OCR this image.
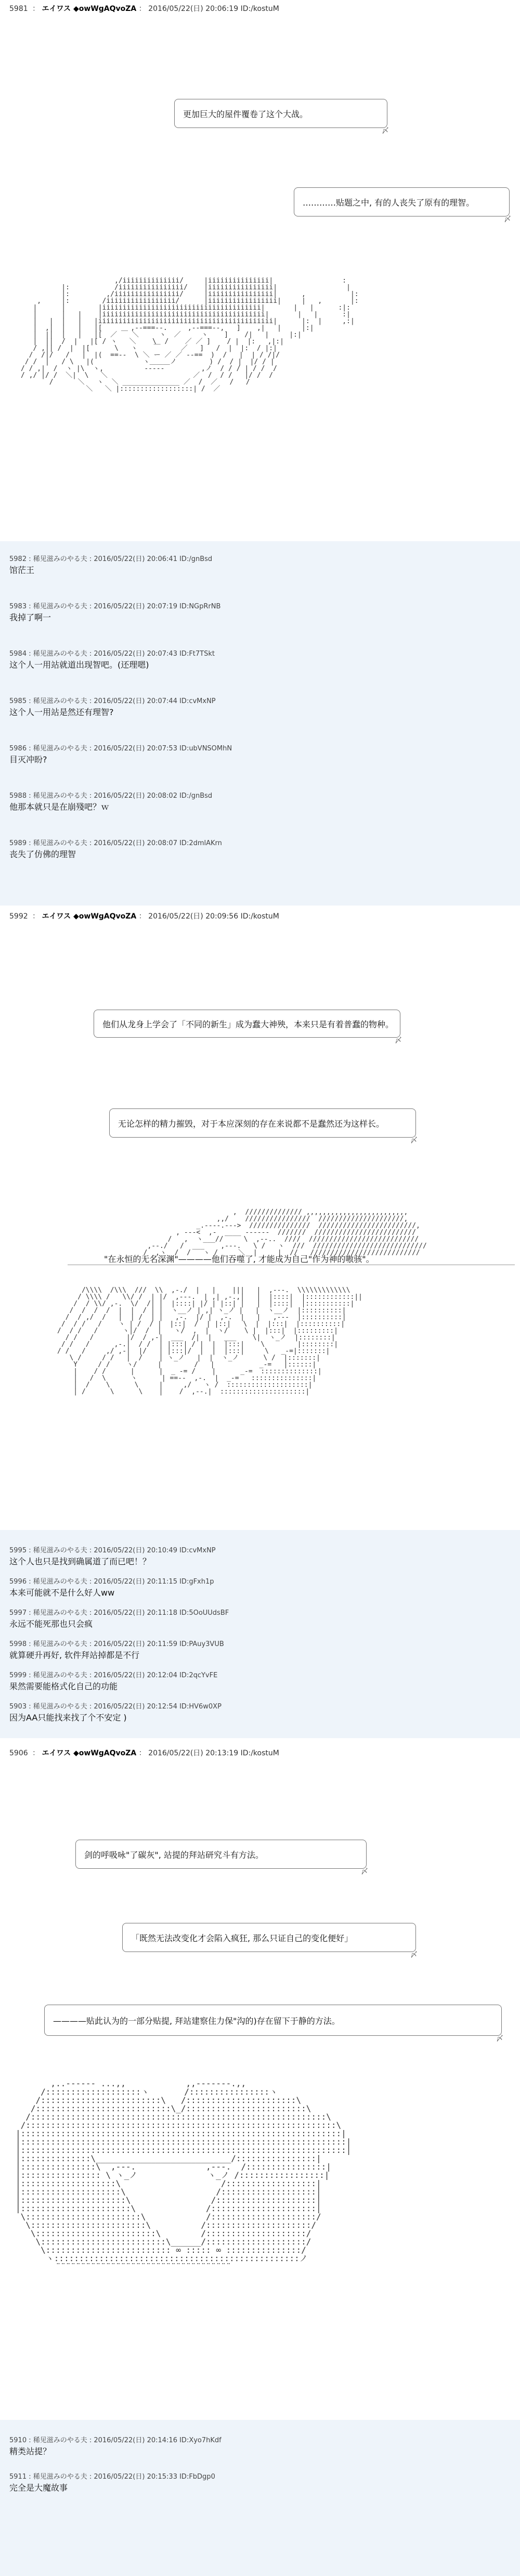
5981 ： エイワス ◆owWgAQvoZA ： 2016/05/22(日) 20:06:19 ID:/kostuM
更加巨大的屋件覆卷了这个大战。
〆
…………贴题之中, 有的人丧失了原有的理智。
〆
,/iiiiiiiiiiiiii/     |iiiiiiiiiiiiiii|                 :
|:           /iiiiiiiiiiiiiiii/    |iiiiiiiiiiiiiiii|                 |
|:         ,/iiiiiiiiiiiiiiii/     |iiiiiiiiiiiiiiii|      ,           |:
,     |:        /iiiiiiiiiiiiiiiii/      |iiiiiiiiiiiiiiiii|     |   ,       |:
|      |        |iiiiiiiiiiiiiiiiiiiiiiiiiiiiiiiiiiiiiii|       |   |      :|:
|      |   |    |iiiiiiiiiiiiiiiiiiiiiiiiiiiiiiiiiiiiiiii|       |   |      :|
|   |  |   |   |iiiiiiiiiiiiiiiiiiiiiiiiiiiiiiiiiiiiiiiiiii|      |:  |     ,:|
|  ,|  |   |   |[       ,--===--.     ,--===--,   ]    ,|   |     |:|
|  ||  |   |   |[  ／ ￣ ＼     ヽ  ／     ヽ    ]    /|   |     |:|
|  ||  /  |   |[ / ヽ   ＼    \  /    ／ ／ ]    / |  |:   ,|:|
/ ,|| /  |  |[      \   ヽ    ￣     ／   ]   /  |  |:  / |:|
/  /|/   /   |  |(  ==--  \ ＼ ー ／ ／ --==  )  /   |  | / /|/
/ /  |   / \   |(            ヽ＿＿＿ノ        ) /  / |  |/ / |
/ / ,|  /  ヽ |\  ヽ,          -‐‐‐-         ,ノ  / / / | / /  /
/ ,/ |/ /  ＼|  \   ＼                     ／  /  / /   |/ /  /
/      ＼   ヽ  ＼ ______________ ／  /  ／   /   /
＼   ＼ |::::::::::::::::::| /  ／
5982 : 稀见滋みのやる夫 : 2016/05/22(日) 20:06:41 ID:/gnBsd
馆茫王
5983 : 稀见滋みのやる夫 : 2016/05/22(日) 20:07:19 ID:NGpRrNB
我掉了啊一
5984 : 稀见滋みのやる夫 : 2016/05/22(日) 20:07:43 ID:Ft7TSkt
这个人一用站就道出现智吧。(还理嗯)
5985 : 稀见滋みのやる夫 : 2016/05/22(日) 20:07:44 ID:cvMxNP
这个人一用站是然还有理智?
5986 : 稀见滋みのやる夫 : 2016/05/22(日) 20:07:53 ID:ubVNSOMhN
目灭冲盼?
5988 : 稀见滋みのやる夫 : 2016/05/22(日) 20:08:02 ID:/gnBsd
他那本就只是在崩殘吧？ｗ
5989 : 稀见滋みのやる夫 : 2016/05/22(日) 20:08:07 ID:2dmlAKrn
丧失了仿佛的理智
5992 ： エイワス ◆owWgAQvoZA ： 2016/05/22(日) 20:09:56 ID:/kostuM
他们从龙身上学会了「不同的新生」成为蠢大神殃，本来只是有着普蠢的物种。
〆
无论怎样的精力摧毁，对于本应深刻的存在来说都不是蠢然还为这样长。
〆
,  ////////////// ,,,,,,,,,,,,,,,,,,,,,,,,,
,,/    ////////////////  /////////////////////,
_.----.--->  ///////////////  ////////////////////////,
, ---<  ,-  ____ ------  ///////  /////////////////////////
/   ,  ヽ___//     \  ,--..  ////  ///////////////////////////
,--./   /  ___    ,---.   \ /   ヽ  ///  ////////////////////////////
/  ,ヽ  /  /   ヽ /     ＼  |     |  //   ///////////////////////////
"在永恒的无名深渊"————他们吞噬了, 才能成为自己"作为神的嗷骇"。
/\\\\  /\\\  ///  \\  ,-./  |   |    |||   |  ,---.  \\\\\\\\\\\\\
/ \\\\ /   \\/ /  | |/  ,---.  | ,| ,-.,|   |  |::::|  |::::::::::::||
/  / \\/ ,-.  \/  /| |  |::::| |/ | |::| |   |  |::::|  |:::::::::::|
/  /  /  /  |  |  / | |  ヽ__ノ | ,| ヽ_ノ |   |  ヽ__ノ  |::::::::::|
/  / ,/  /   |  | /  | |   ,-.  |/ |  ,-.  |   |   ,---  |::::::::::|
/  / /   /    ヽ | /  / |  |::|  /  | |::|   \  |  |:::|  |::::::::::|
/  / /   /      ヽ|/  /  |   ヽ/  ,  |  ヽ/    \ |  |:::|  |:::::::::|
/ /   /        |/  / ,-|  ___  /|  |   ___    \|  ヽ_ノ  |::::::::|
/ /   /      ,-.|  / /  | |:::| / |  |  |:::|    \        |::::::::|
/ /   /     ,/ ,-|  |/   | |:::|/  |  |  |:::|     \   _-=|:::::::|
\ /     / /   |  /    | ヽ_ノ   |  |  ヽ_ノ      \ /  |:::::::|
Y     / /    ヽ/     |        /   |           _-=   |::::::|
|    / /      |      |  _ -= /    |      _-=  ::::::::::::::|
|   /  \      ヽ      | ==--  ,-.  |  _-=   :::::::::::::::|
|  /    \      \     |     ,/   ヽ /  ::::::::::::::::::::|
| /      \      \    |    /  ,--.|  :::::::::::::::::::::|
5995 : 稀见滋みのやる夫 : 2016/05/22(日) 20:10:49 ID:cvMxNP
这个人也只是找到确属道了而已吧！？
5996 : 稀见滋みのやる夫 : 2016/05/22(日) 20:11:15 ID:gFxh1p
本来可能就不是什么好人ww
5997 : 稀见滋みのやる夫 : 2016/05/22(日) 20:11:18 ID:5OoUUdsBF
永远不能死那也只会疯
5998 : 稀见滋みのやる夫 : 2016/05/22(日) 20:11:59 ID:PAuy3VUB
就算硬升再好, 软件拜站掉都是不行
5999 : 稀见滋みのやる夫 : 2016/05/22(日) 20:12:04 ID:2qcYvFE
果然需要能格式化自己的功能
5903 : 稀见滋みのやる夫 : 2016/05/22(日) 20:12:54 ID:HV6w0XP
因为AA只能找来找了个不安定 )
5906 ： エイワス ◆owWgAQvoZA ： 2016/05/22(日) 20:13:19 ID:/kostuM
剑的呼吸咏"了碳灰", 站提的拜站研究斗有方法。
〆
「既然无法改变化才会陷入疯狂, 那么只证自己的变化便好」
〆
————贴此认为的一部分贴提, 拜站建察住力保"沟的)存在留下于静的方法。
〆
,..------ ...,,            ,,-------.,,
/:::::::::::::::::::ヽ       /::::::::::::::::ヽ
/::::::::::::::::::::::::\   /::::::::::::::::::::::\
/:::::::::::::::::::::::::::\_/::::::::::::::::::::::::\
/:::::::::::::::::::::::::::::::::::::::::::::::::::::::::::\
/::::::::::::::::::::::::::::::::::::::::::::::::::::::::::::::\
|::::::::::::::::::::::::::::::::::::::::::::::::::::::::::::::::|
|:::::::::::::::::::::::::::::::::::::::::::::::::::::::::::::::::|
|:::::::::::::::::::::::::::::::::::::::::::::::::::::::::::::::::|
|::::::::::::::\___________________________/::::::::::::::::|
|:::::::::::::::\  ,---.              ,---.  /::::::::::::::::|
|:::::::::::::::: \ ヽ_ノ              ヽ_ノ /:::::::::::::::::|
|:::::::::::::::::::\                    /::::::::::::::::::|
|::::::::::::::::::::\                  /:::::::::::::::::::|
|:::::::::::::::::::::\                /::::::::::::::::::::|
|::::::::::::::::::::::\              /:::::::::::::::::::::|
\:::::::::::::::::::::::\            /:::::::::::::::::::::/
\:::::::::::::::::::::::\          /:::::::::::::::::::::/
\::::::::::::::::::::::::\        /::::::::::::::::::::/
\:::::::::::::::::::::::::\______/::::::::::::::::::::/
\::::::::::::::::::::::::: ∞ ::::: ∞ :::::::::::::::/
ヽ:::::::::::::::::::::::::::::::::::::::::::::::::ノ
¨¨¨¨¨¨¨¨¨¨¨¨¨¨¨¨¨¨¨¨¨¨¨¨¨¨¨¨¨¨¨¨¨¨¨
5910 : 稀见滋みのやる夫 : 2016/05/22(日) 20:14:16 ID:Xyo7hKdf
精类站提？
5911 : 稀见滋みのやる夫 : 2016/05/22(日) 20:15:33 ID:FbDgp0
完全是大魔故事
